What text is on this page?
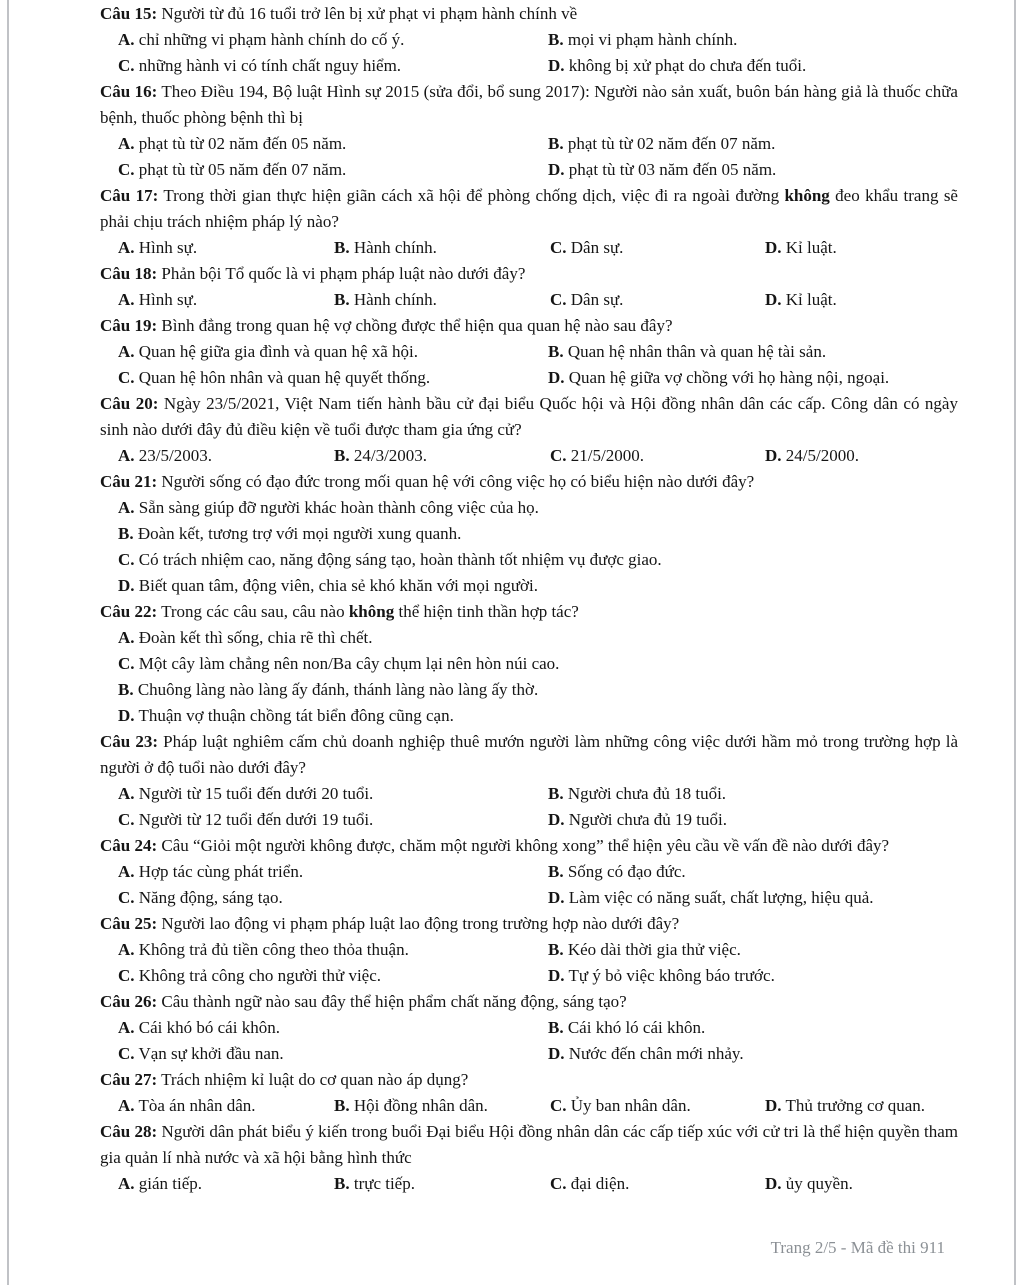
Câu 15: Người từ đủ 16 tuổi trở lên bị xử phạt vi phạm hành chính về

A. chỉ những vi phạm hành chính do cố ý.	B. mọi vi phạm hành chính.
C. những hành vi có tính chất nguy hiểm.	D. không bị xử phạt do chưa đến tuổi.

Câu 16: Theo Điều 194, Bộ luật Hình sự 2015 (sửa đổi, bổ sung 2017): Người nào sản xuất, buôn bán hàng giả là thuốc chữa bệnh, thuốc phòng bệnh thì bị

A. phạt tù từ 02 năm đến 05 năm.	B. phạt tù từ 02 năm đến 07 năm.
C. phạt tù từ 05 năm đến 07 năm.	D. phạt tù từ 03 năm đến 05 năm.

Câu 17: Trong thời gian thực hiện giãn cách xã hội để phòng chống dịch, việc đi ra ngoài đường không đeo khẩu trang sẽ phải chịu trách nhiệm pháp lý nào?

A. Hình sự.	B. Hành chính.	C. Dân sự.	D. Kỉ luật.

Câu 18: Phản bội Tổ quốc là vi phạm pháp luật nào dưới đây?

A. Hình sự.	B. Hành chính.	C. Dân sự.	D. Kỉ luật.

Câu 19: Bình đẳng trong quan hệ vợ chồng được thể hiện qua quan hệ nào sau đây?

A. Quan hệ giữa gia đình và quan hệ xã hội.	B. Quan hệ nhân thân và quan hệ tài sản.
C. Quan hệ hôn nhân và quan hệ quyết thống.	D. Quan hệ giữa vợ chồng với họ hàng nội, ngoại.

Câu 20: Ngày 23/5/2021, Việt Nam tiến hành bầu cử đại biểu Quốc hội và Hội đồng nhân dân các cấp. Công dân có ngày sinh nào dưới đây đủ điều kiện về tuổi được tham gia ứng cử?

A. 23/5/2003.	B. 24/3/2003.	C. 21/5/2000.	D. 24/5/2000.

Câu 21: Người sống có đạo đức trong mối quan hệ với công việc họ có biểu hiện nào dưới đây?

A. Sẵn sàng giúp đỡ người khác hoàn thành công việc của họ.
B. Đoàn kết, tương trợ với mọi người xung quanh.
C. Có trách nhiệm cao, năng động sáng tạo, hoàn thành tốt nhiệm vụ được giao.
D. Biết quan tâm, động viên, chia sẻ khó khăn với mọi người.

Câu 22: Trong các câu sau, câu nào không thể hiện tinh thần hợp tác?

A. Đoàn kết thì sống, chia rẽ thì chết.
C. Một cây làm chẳng nên non/Ba cây chụm lại nên hòn núi cao.
B. Chuông làng nào làng ấy đánh, thánh làng nào làng ấy thờ.
D. Thuận vợ thuận chồng tát biển đông cũng cạn.

Câu 23: Pháp luật nghiêm cấm chủ doanh nghiệp thuê mướn người làm những công việc dưới hầm mỏ trong trường hợp là người ở độ tuổi nào dưới đây?

A. Người từ 15 tuổi đến dưới 20 tuổi.	B. Người chưa đủ 18 tuổi.
C. Người từ 12 tuổi đến dưới 19 tuổi.	D. Người chưa đủ 19 tuổi.

Câu 24: Câu “Giỏi một người không được, chăm một người không xong” thể hiện yêu cầu về vấn đề nào dưới đây?

A. Hợp tác cùng phát triển.	B. Sống có đạo đức.
C. Năng động, sáng tạo.	D. Làm việc có năng suất, chất lượng, hiệu quả.

Câu 25: Người lao động vi phạm pháp luật lao động trong trường hợp nào dưới đây?

A. Không trả đủ tiền công theo thỏa thuận.	B. Kéo dài thời gia thử việc.
C. Không trả công cho người thử việc.	D. Tự ý bỏ việc không báo trước.

Câu 26: Câu thành ngữ nào sau đây thể hiện phẩm chất năng động, sáng tạo?

A. Cái khó bó cái khôn.	B. Cái khó ló cái khôn.
C. Vạn sự khởi đầu nan.	D. Nước đến chân mới nhảy.

Câu 27: Trách nhiệm kỉ luật do cơ quan nào áp dụng?

A. Tòa án nhân dân.	B. Hội đồng nhân dân.	C. Ủy ban nhân dân.	D. Thủ trưởng cơ quan.

Câu 28: Người dân phát biểu ý kiến trong buổi Đại biểu Hội đồng nhân dân các cấp tiếp xúc với cử tri là thể hiện quyền tham gia quản lí nhà nước và xã hội bằng hình thức

A. gián tiếp.	B. trực tiếp.	C. đại diện.	D. ủy quyền.
Trang 2/5 - Mã đề thi 911
